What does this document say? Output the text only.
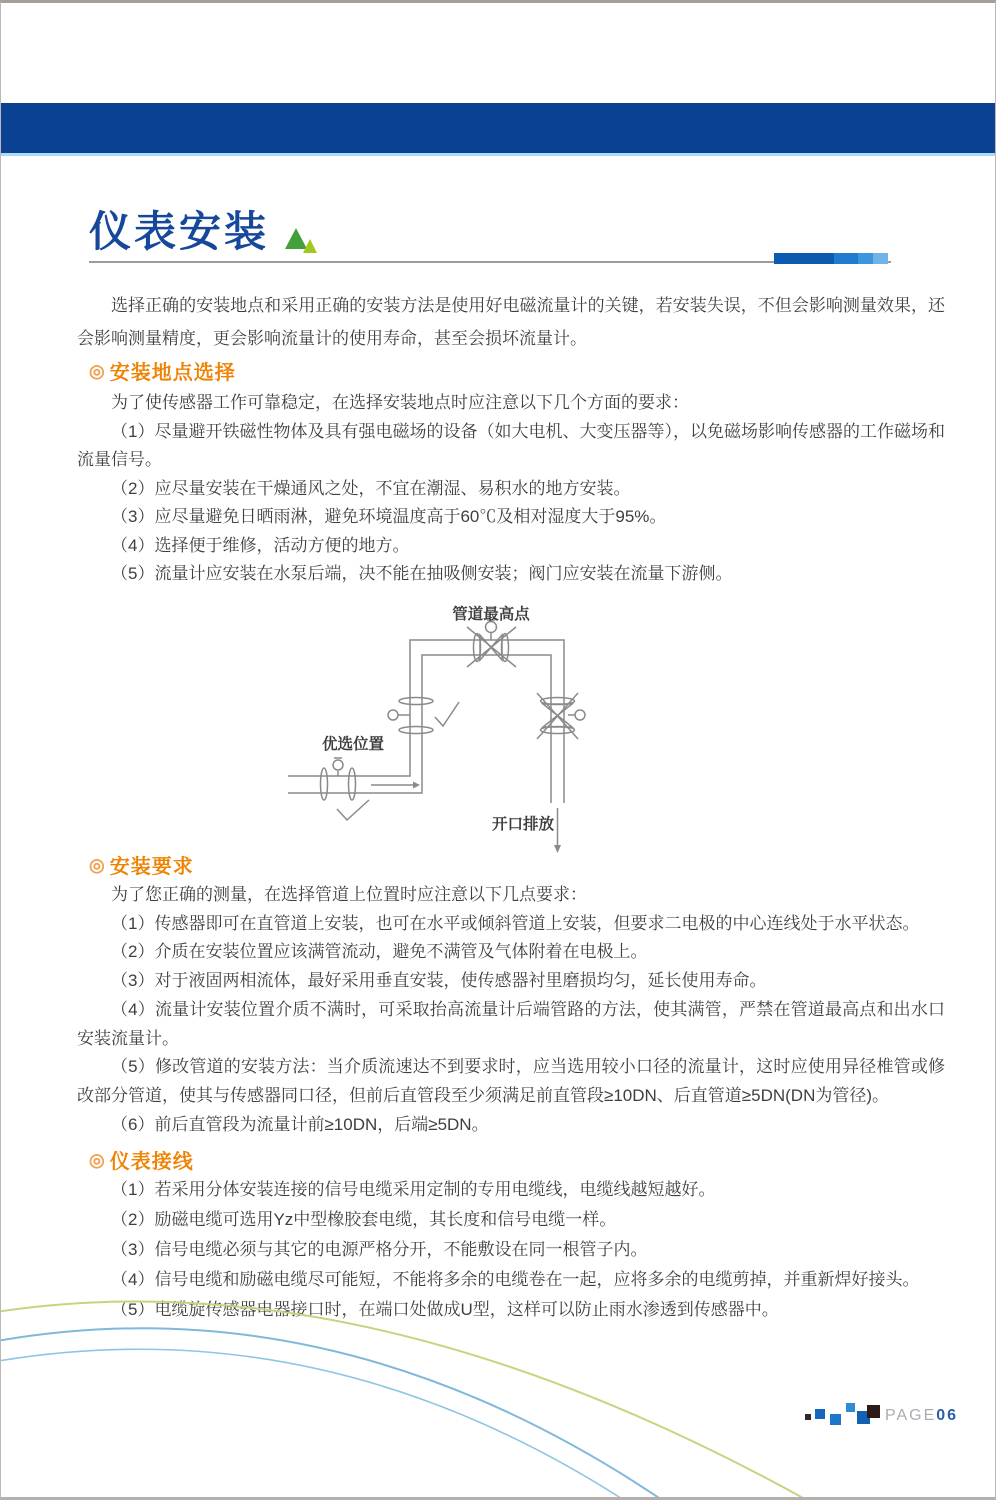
仪表安装

选择正确的安装地点和采用正确的安装方法是使用好电磁流量计的关键，若安装失误，不但会影响测量效果，还会影响测量精度，更会影响流量计的使用寿命，甚至会损坏流量计。

◎ 安装地点选择

为了使传感器工作可靠稳定，在选择安装地点时应注意以下几个方面的要求：

（1）尽量避开铁磁性物体及具有强电磁场的设备（如大电机、大变压器等），以免磁场影响传感器的工作磁场和流量信号。

（2）应尽量安装在干燥通风之处，不宜在潮湿、易积水的地方安装。

（3）应尽量避免日晒雨淋，避免环境温度高于60℃及相对湿度大于95%。

（4）选择便于维修，活动方便的地方。

（5）流量计应安装在水泵后端，决不能在抽吸侧安装；阀门应安装在流量下游侧。

管道最高点
优选位置
开口排放
◎ 安装要求

为了您正确的测量，在选择管道上位置时应注意以下几点要求：

（1）传感器即可在直管道上安装，也可在水平或倾斜管道上安装，但要求二电极的中心连线处于水平状态。

（2）介质在安装位置应该满管流动，避免不满管及气体附着在电极上。

（3）对于液固两相流体，最好采用垂直安装，使传感器衬里磨损均匀，延长使用寿命。

（4）流量计安装位置介质不满时，可采取抬高流量计后端管路的方法，使其满管，严禁在管道最高点和出水口安装流量计。

（5）修改管道的安装方法：当介质流速达不到要求时，应当选用较小口径的流量计，这时应使用异径椎管或修改部分管道，使其与传感器同口径，但前后直管段至少须满足前直管段≥10DN、后直管道≥5DN(DN为管径)。

（6）前后直管段为流量计前≥10DN，后端≥5DN。

◎ 仪表接线

（1）若采用分体安装连接的信号电缆采用定制的专用电缆线，电缆线越短越好。

（2）励磁电缆可选用Yz中型橡胶套电缆，其长度和信号电缆一样。

（3）信号电缆必须与其它的电源严格分开，不能敷设在同一根管子内。

（4）信号电缆和励磁电缆尽可能短，不能将多余的电缆卷在一起，应将多余的电缆剪掉，并重新焊好接头。

（5）电缆旋传感器电器接口时，在端口处做成U型，这样可以防止雨水渗透到传感器中。

PAGE06
